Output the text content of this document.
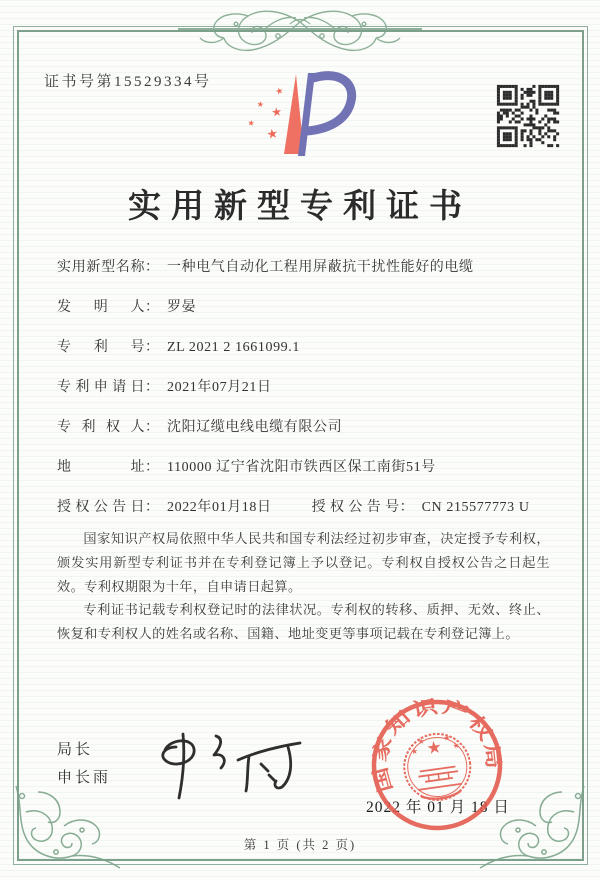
证书号第15529334号
★
★ ★
★
★
实用新型专利证书
实用新型名称 ： 一种电气自动化工程用屏蔽抗干扰性能好的电缆
发明人 ： 罗晏
专利号 ： ZL 2021 2 1661099.1
专利申请日 ： 2021年07月21日
专利权人 ： 沈阳辽缆电线电缆有限公司
地址 ： 110000 辽宁省沈阳市铁西区保工南街51号
授权公告日 ： 2022年01月18日	授权公告号 ： CN 215577773 U

国家知识产权局依照中华人民共和国专利法经过初步审查，决定授予专利权，颁发实用新型专利证书并在专利登记簿上予以登记。专利权自授权公告之日起生效。专利权期限为十年，自申请日起算。

专利证书记载专利权登记时的法律状况。专利权的转移、质押、无效、终止、恢复和专利权人的姓名或名称、国籍、地址变更等事项记载在专利登记簿上。

局长
申长雨
2022 年 01 月 18 日
国家知识产权局
★
★
★ ★
★
第 1 页 (共 2 页)
